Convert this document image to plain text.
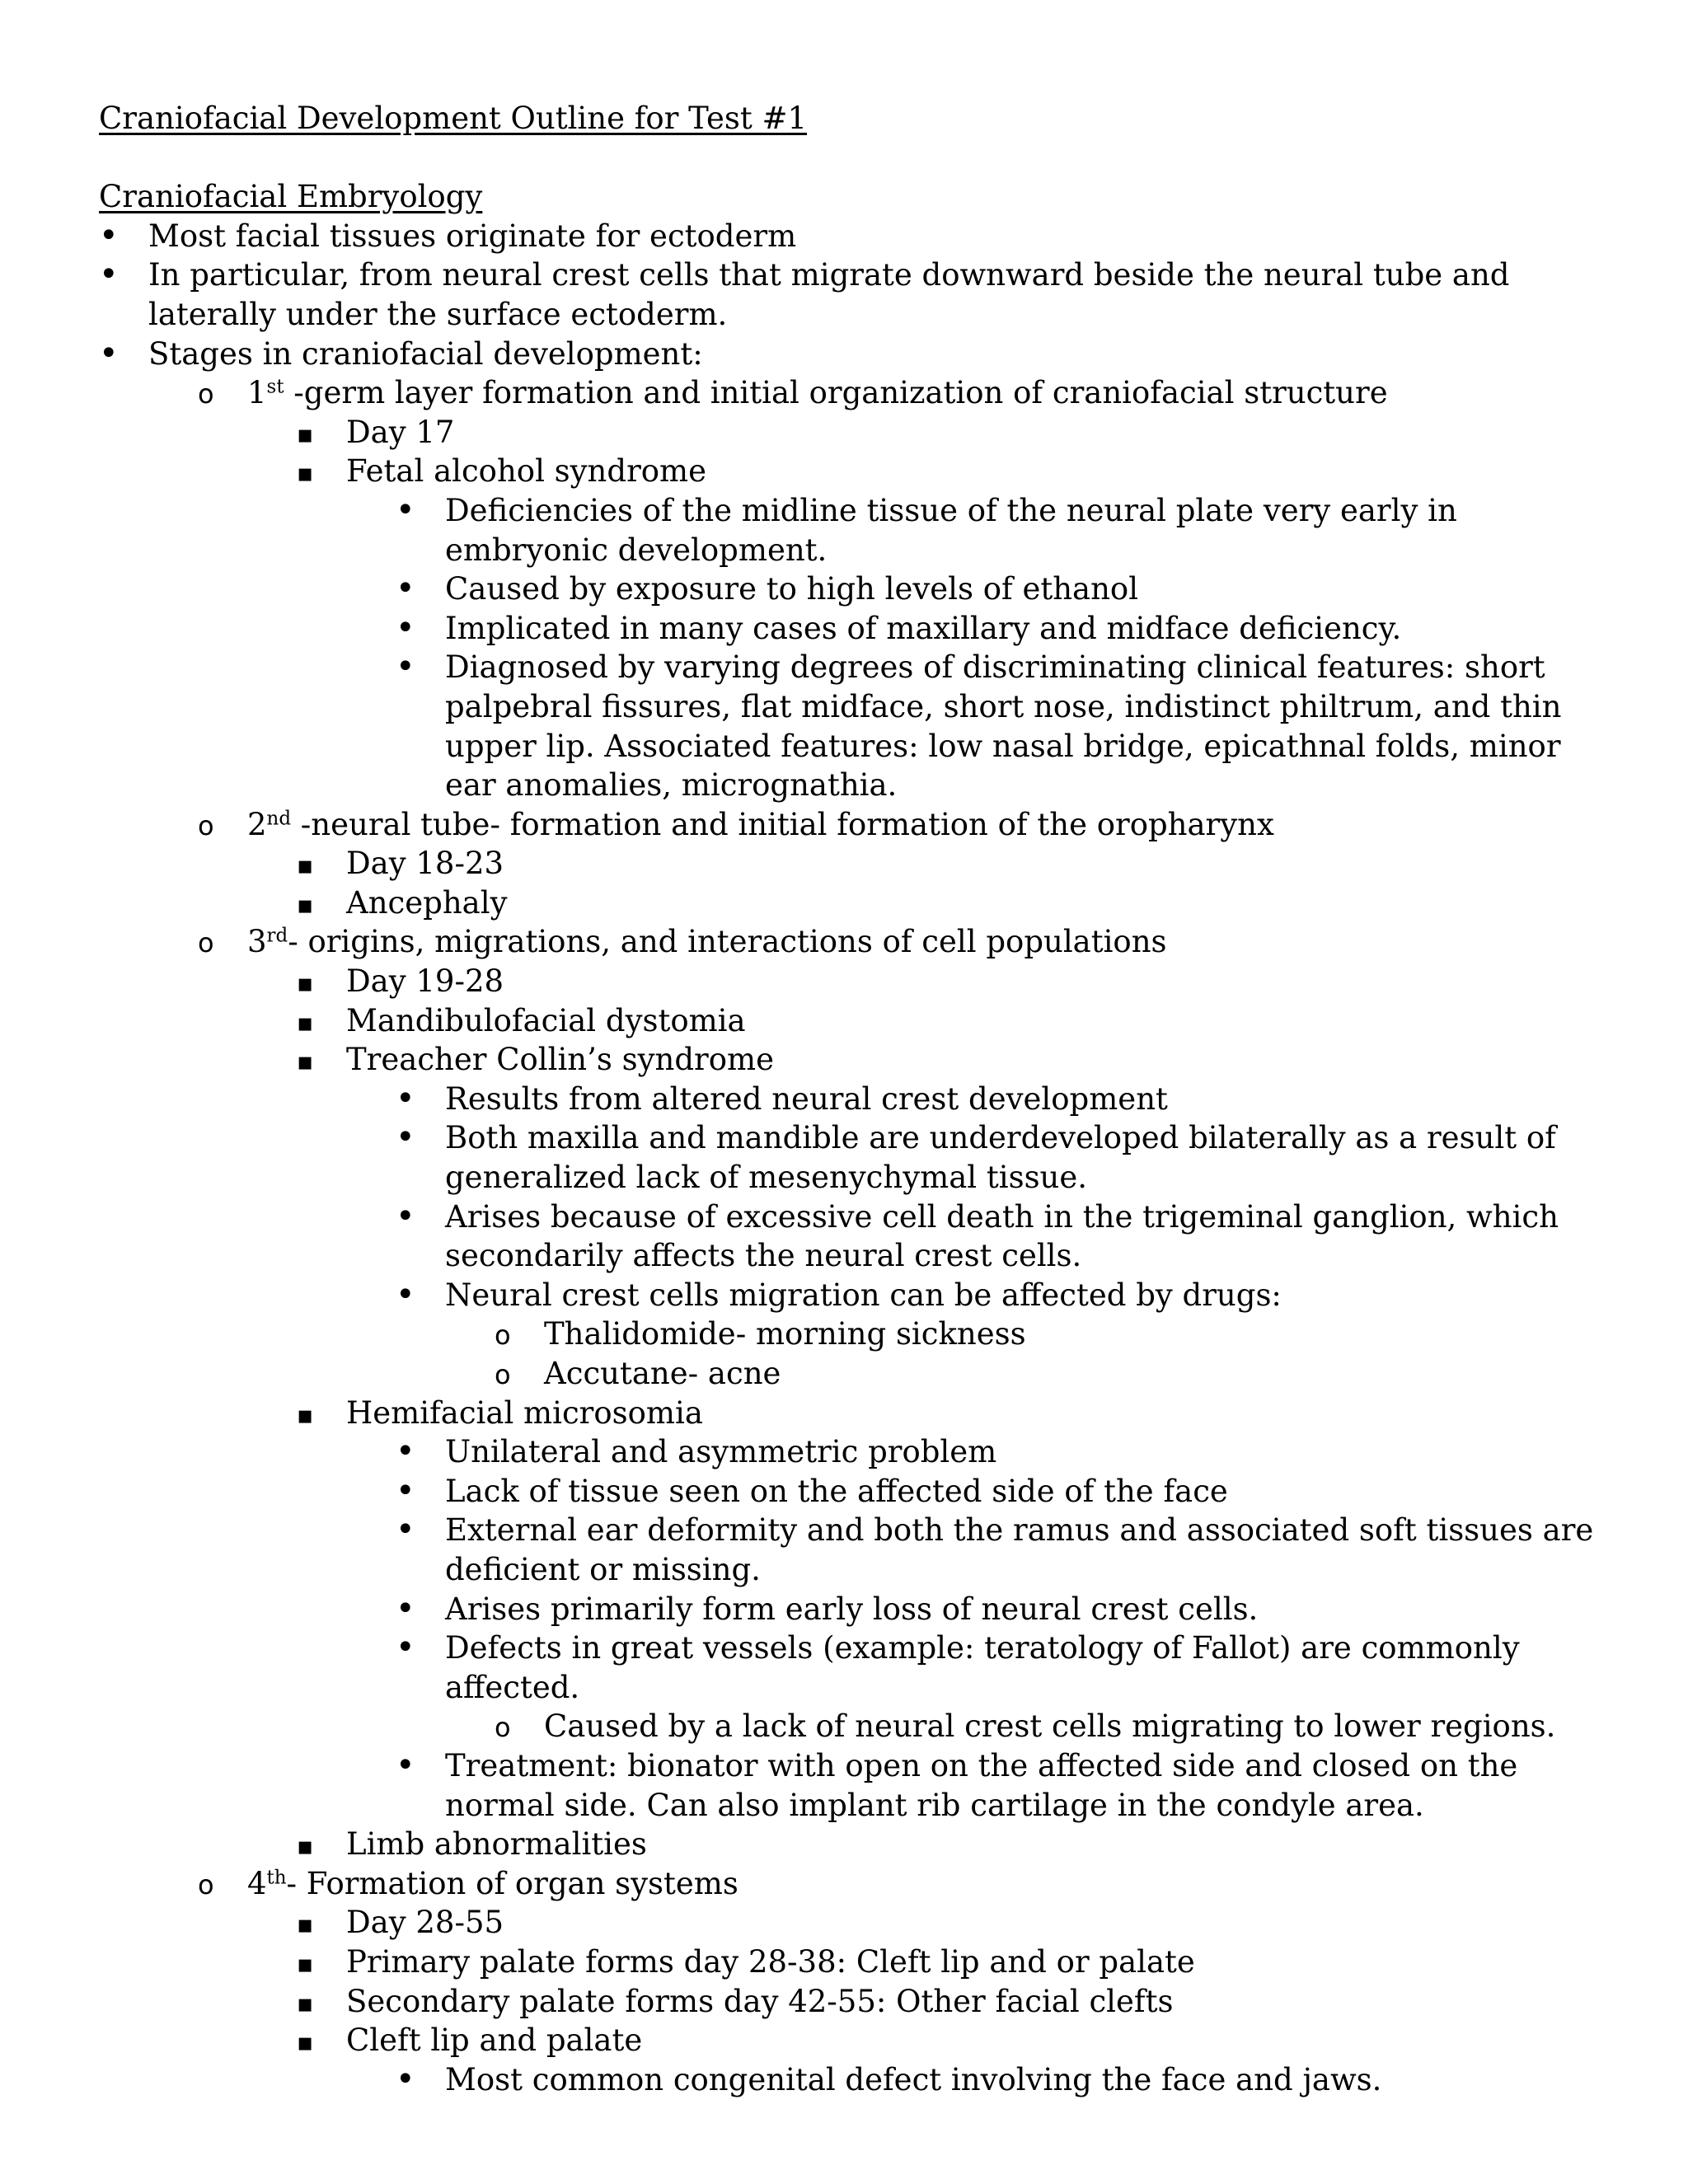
Craniofacial Development Outline for Test #1

Craniofacial Embryology

•
Most facial tissues originate for ectoderm
•
In particular, from neural crest cells that migrate downward beside the neural tube and laterally under the surface ectoderm.
•
Stages in craniofacial development:
o
1st -germ layer formation and initial organization of craniofacial structure
▪
Day 17
▪
Fetal alcohol syndrome
•
Deficiencies of the midline tissue of the neural plate very early in embryonic development.
•
Caused by exposure to high levels of ethanol
•
Implicated in many cases of maxillary and midface deficiency.
•
Diagnosed by varying degrees of discriminating clinical features: short palpebral fissures, flat midface, short nose, indistinct philtrum, and thin upper lip. Associated features: low nasal bridge, epicathnal folds, minor ear anomalies, micrognathia.
o
2nd -neural tube- formation and initial formation of the oropharynx
▪
Day 18-23
▪
Ancephaly
o
3rd- origins, migrations, and interactions of cell populations
▪
Day 19-28
▪
Mandibulofacial dystomia
▪
Treacher Collin’s syndrome
•
Results from altered neural crest development
•
Both maxilla and mandible are underdeveloped bilaterally as a result of generalized lack of mesenychymal tissue.
•
Arises because of excessive cell death in the trigeminal ganglion, which secondarily affects the neural crest cells.
•
Neural crest cells migration can be affected by drugs:
o
Thalidomide- morning sickness
o
Accutane- acne
▪
Hemifacial microsomia
•
Unilateral and asymmetric problem
•
Lack of tissue seen on the affected side of the face
•
External ear deformity and both the ramus and associated soft tissues are deficient or missing.
•
Arises primarily form early loss of neural crest cells.
•
Defects in great vessels (example: teratology of Fallot) are commonly affected.
o
Caused by a lack of neural crest cells migrating to lower regions.
•
Treatment: bionator with open on the affected side and closed on the normal side. Can also implant rib cartilage in the condyle area.
▪
Limb abnormalities
o
4th- Formation of organ systems
▪
Day 28-55
▪
Primary palate forms day 28-38: Cleft lip and or palate
▪
Secondary palate forms day 42-55: Other facial clefts
▪
Cleft lip and palate
•
Most common congenital defect involving the face and jaws.
